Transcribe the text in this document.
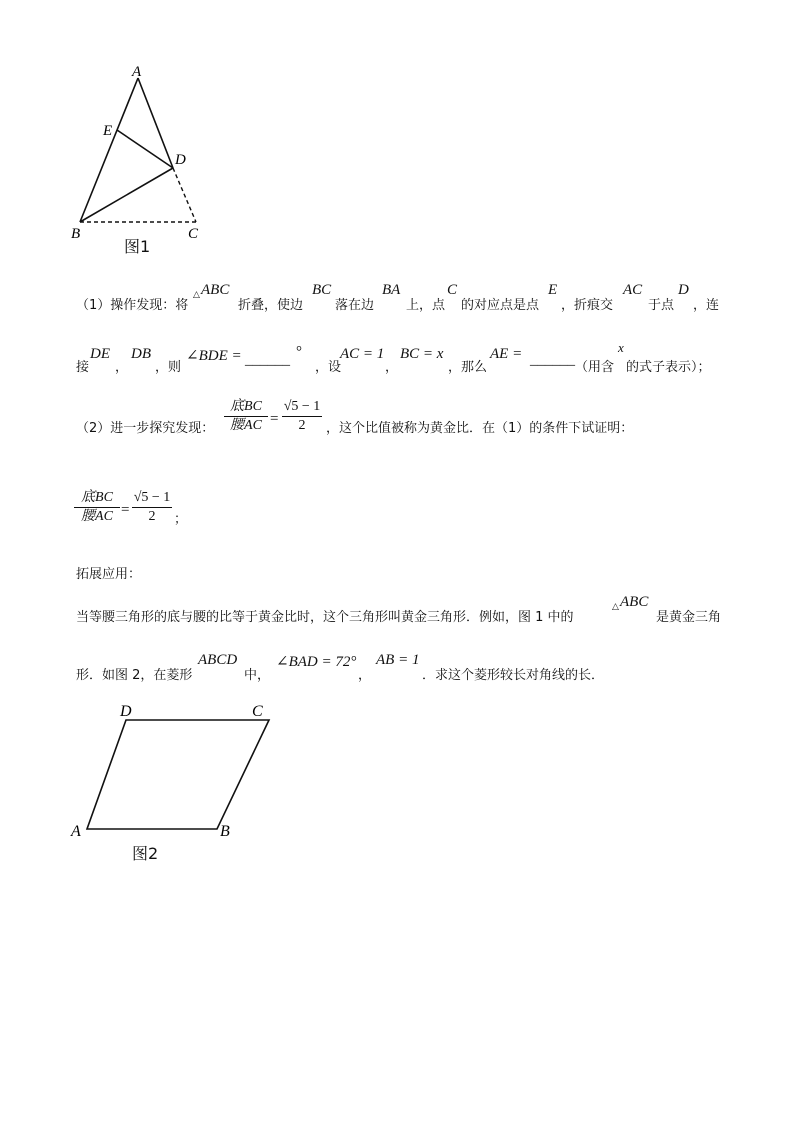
A
E
D
B	C
图1
（1）操作发现：将
△ ABC
折叠，使边
BC
落在边
BA
上，点
C
的对应点是点
E
，折痕交
AC
于点
D
，连
接
DE
，
DB
，则
∠BDE = ______ °
，设
AC = 1
，
BC = x
，那么
AE = ______ （用含
x
的式子表示）；
（2）进一步探究发现：
底BC
腰AC =
√5 − 1
2	，这个比值被称为黄金比．在（1）的条件下试证明：
底BC
腰AC =
√5 − 1
2	；
拓展应用：
当等腰三角形的底与腰的比等于黄金比时，这个三角形叫黄金三角形．例如，图 1 中的
△ ABC
是黄金三角
形．如图 2，在菱形
ABCD
中，
∠BAD = 72°
，
AB = 1
．求这个菱形较长对角线的长．
A	B
C
D
图2
